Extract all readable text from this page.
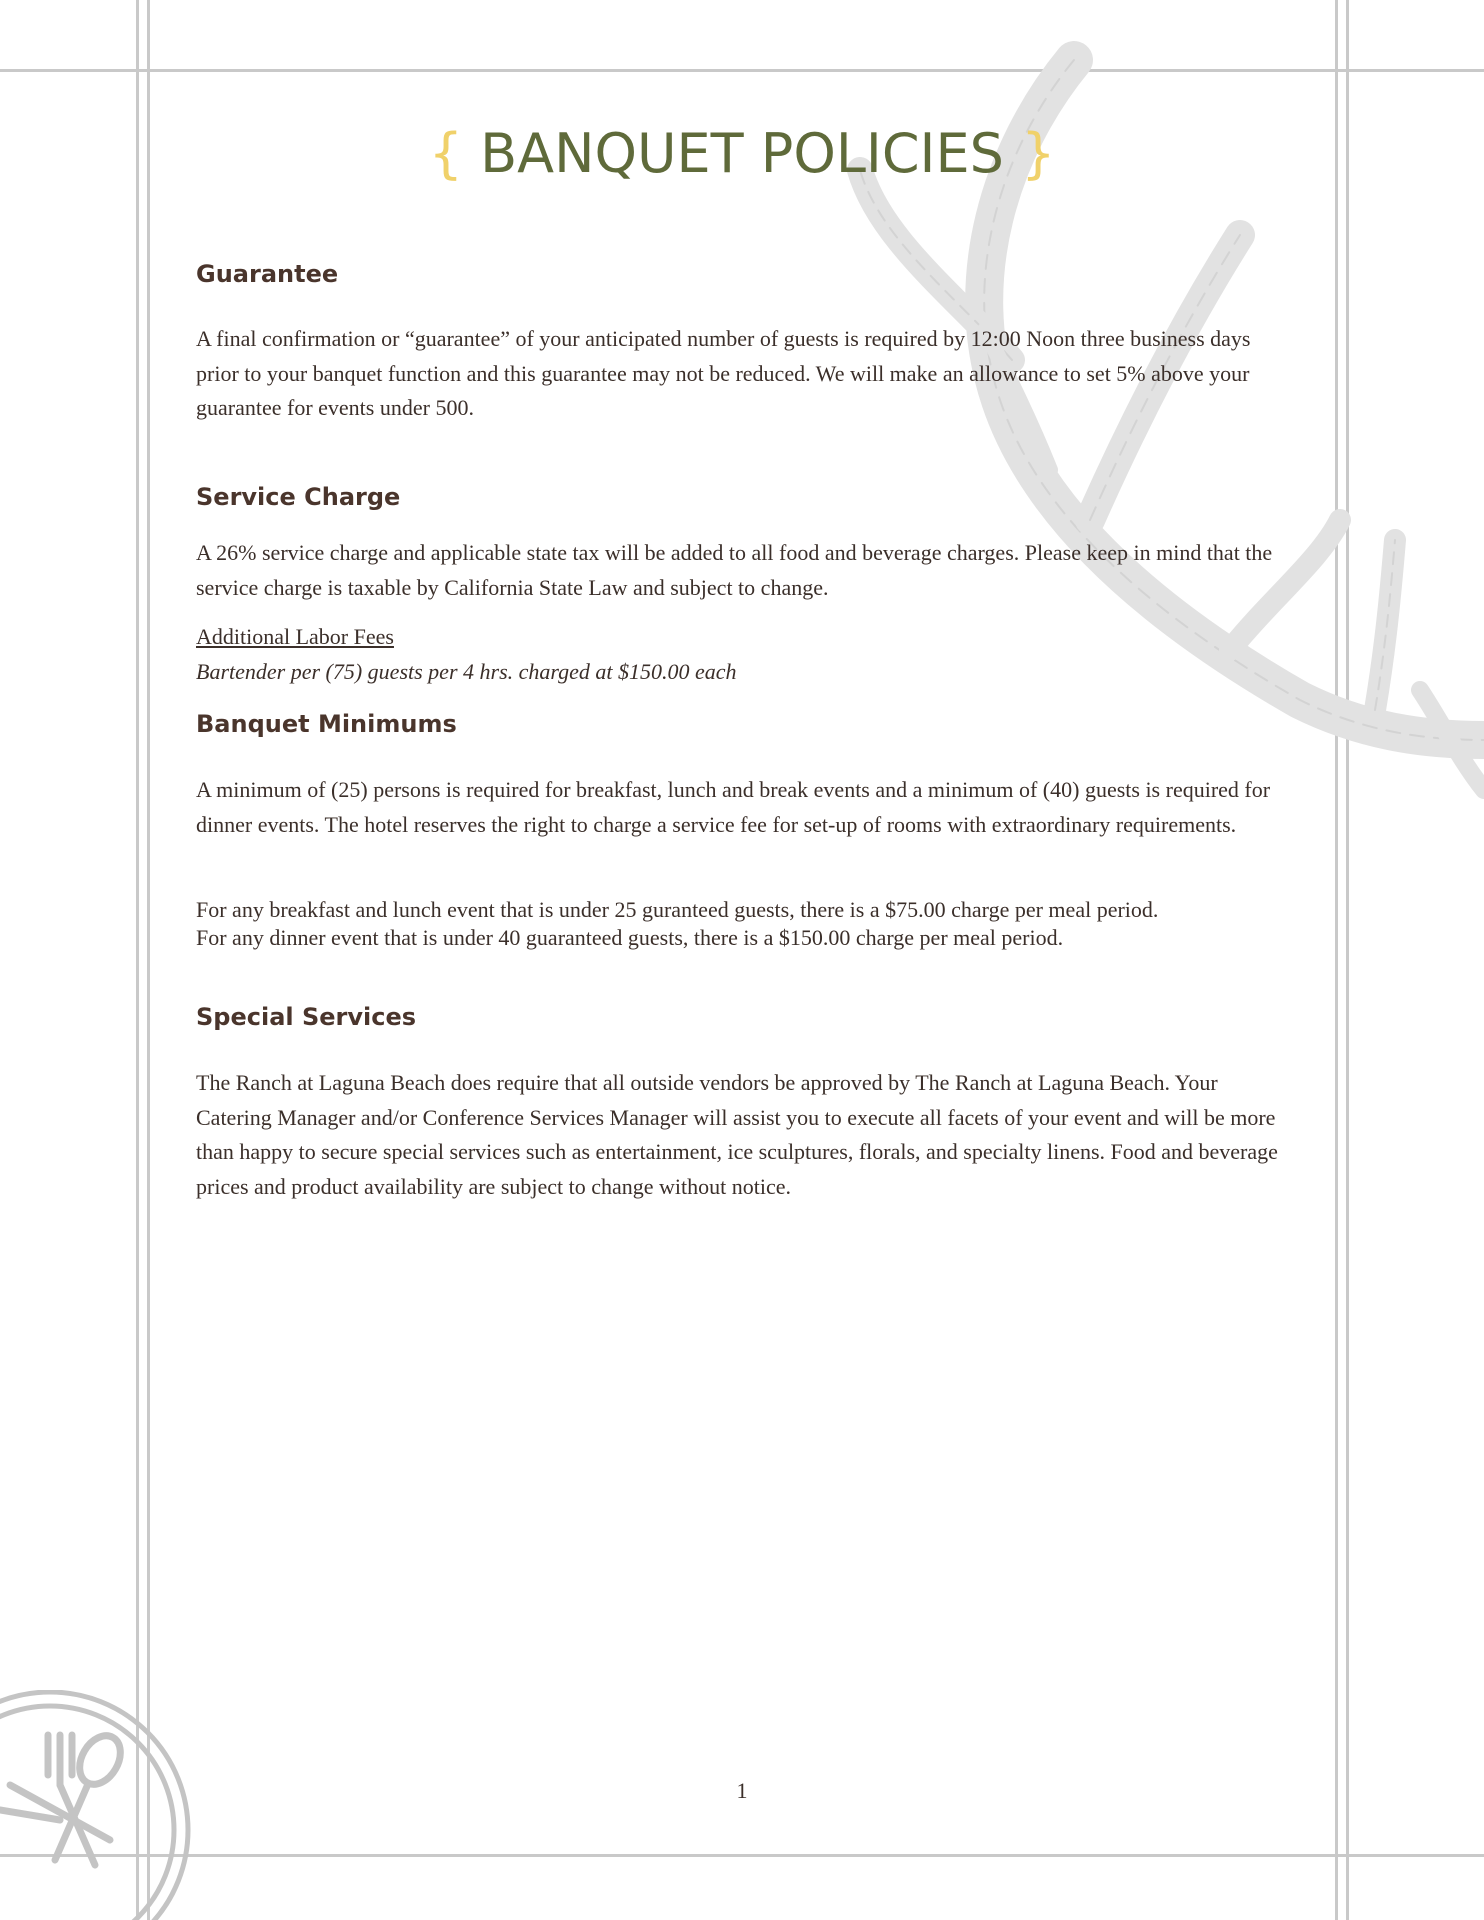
{ BANQUET POLICIES }
Guarantee

A final confirmation or “guarantee” of your anticipated number of guests is required by 12:00 Noon three business days prior to your banquet function and this guarantee may not be reduced. We will make an allowance to set 5% above your guarantee for events under 500.

Service Charge

A 26% service charge and applicable state tax will be added to all food and beverage charges. Please keep in mind that the service charge is taxable by California State Law and subject to change.

Additional Labor Fees

Bartender per (75) guests per 4 hrs. charged at $150.00 each

Banquet Minimums

A minimum of (25) persons is required for breakfast, lunch and break events and a minimum of (40) guests is required for dinner events. The hotel reserves the right to charge a service fee for set-up of rooms with extraordinary requirements.

For any breakfast and lunch event that is under 25 guranteed guests, there is a $75.00 charge per meal period.

For any dinner event that is under 40 guaranteed guests, there is a $150.00 charge per meal period.

Special Services

The Ranch at Laguna Beach does require that all outside vendors be approved by The Ranch at Laguna Beach. Your Catering Manager and/or Conference Services Manager will assist you to execute all facets of your event and will be more than happy to secure special services such as entertainment, ice sculptures, florals, and specialty linens. Food and beverage prices and product availability are subject to change without notice.

1
